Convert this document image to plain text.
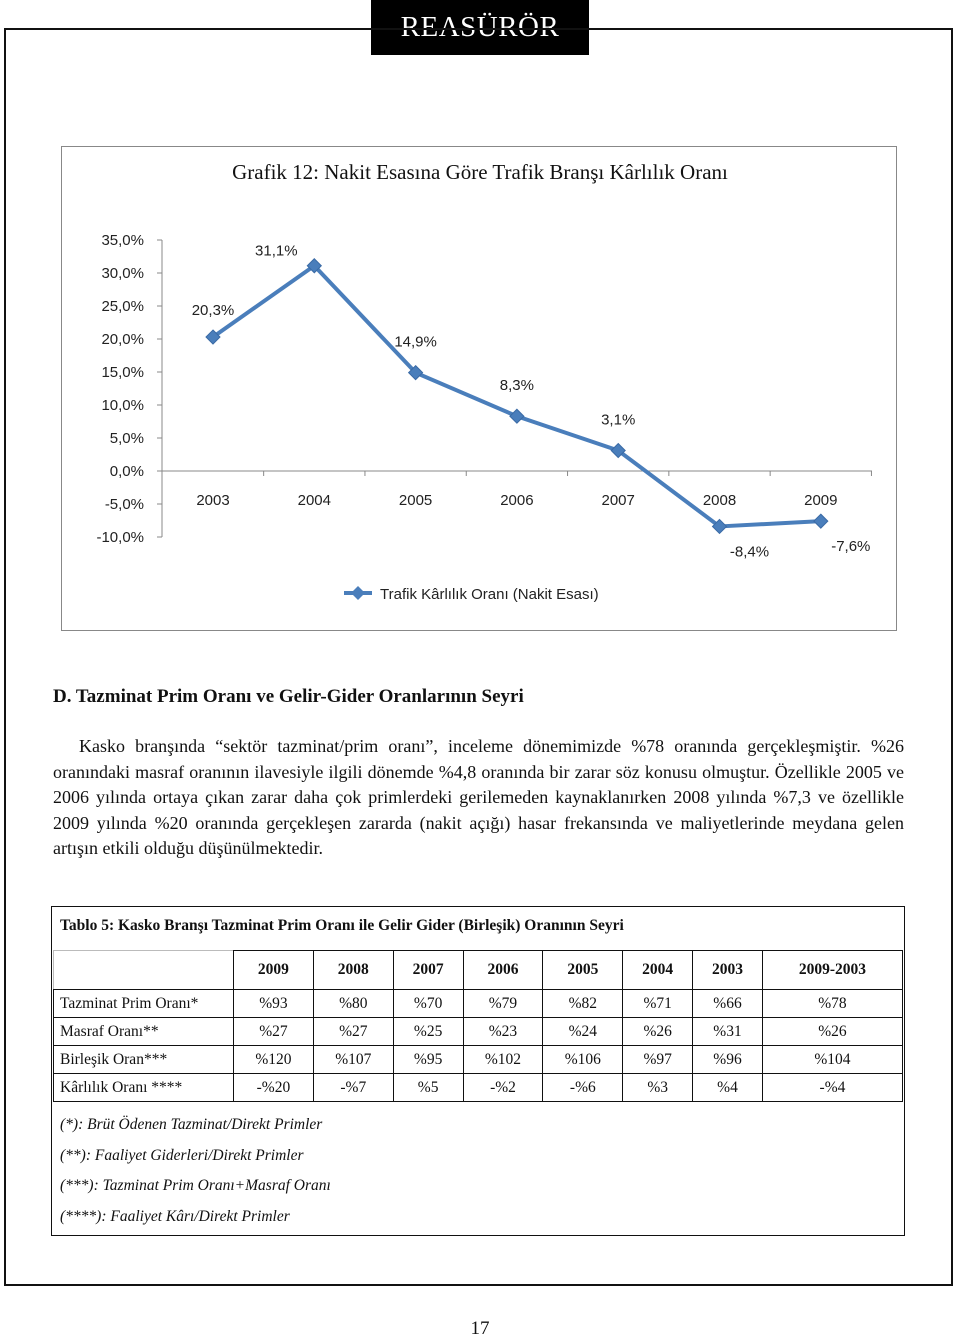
REASÜRÖR
Grafik 12: Nakit Esasına Göre Trafik Branşı Kârlılık Oranı
35,0%
30,0%
25,0%
20,0%
15,0%
10,0%
5,0%
0,0%
-5,0%
-10,0%
2003	2004	2005	2006	2007	2008	2009
20,3%
31,1%
14,9%
8,3%
3,1%
-8,4%	-7,6%
Trafik Kârlılık Oranı (Nakit Esası)
D. Tazminat Prim Oranı ve Gelir-Gider Oranlarının Seyri
Kasko branşında “sektör tazminat/prim oranı”, inceleme dönemimizde %78 oranında gerçekleşmiştir. %26 oranındaki masraf oranının ilavesiyle ilgili dönemde %4,8 oranında bir zarar söz konusu olmuştur. Özellikle 2005 ve 2006 yılında ortaya çıkan zarar daha çok primlerdeki gerilemeden kaynaklanırken 2008 yılında %7,3 ve özellikle 2009 yılında %20 oranında gerçekleşen zararda (nakit açığı) hasar frekansında ve maliyetlerinde meydana gelen artışın etkili olduğu düşünülmektedir.
Tablo 5: Kasko Branşı Tazminat Prim Oranı ile Gelir Gider (Birleşik) Oranının Seyri
	2009	2008	2007	2006	2005	2004	2003	2009-2003
Tazminat Prim Oranı*	%93	%80	%70	%79	%82	%71	%66	%78
Masraf Oranı**	%27	%27	%25	%23	%24	%26	%31	%26
Birleşik Oran***	%120	%107	%95	%102	%106	%97	%96	%104
Kârlılık Oranı ****	-%20	-%7	%5	-%2	-%6	%3	%4	-%4
(*): Brüt Ödenen Tazminat/Direkt Primler
(**): Faaliyet Giderleri/Direkt Primler
(***): Tazminat Prim Oranı+Masraf Oranı
(****): Faaliyet Kârı/Direkt Primler
17
